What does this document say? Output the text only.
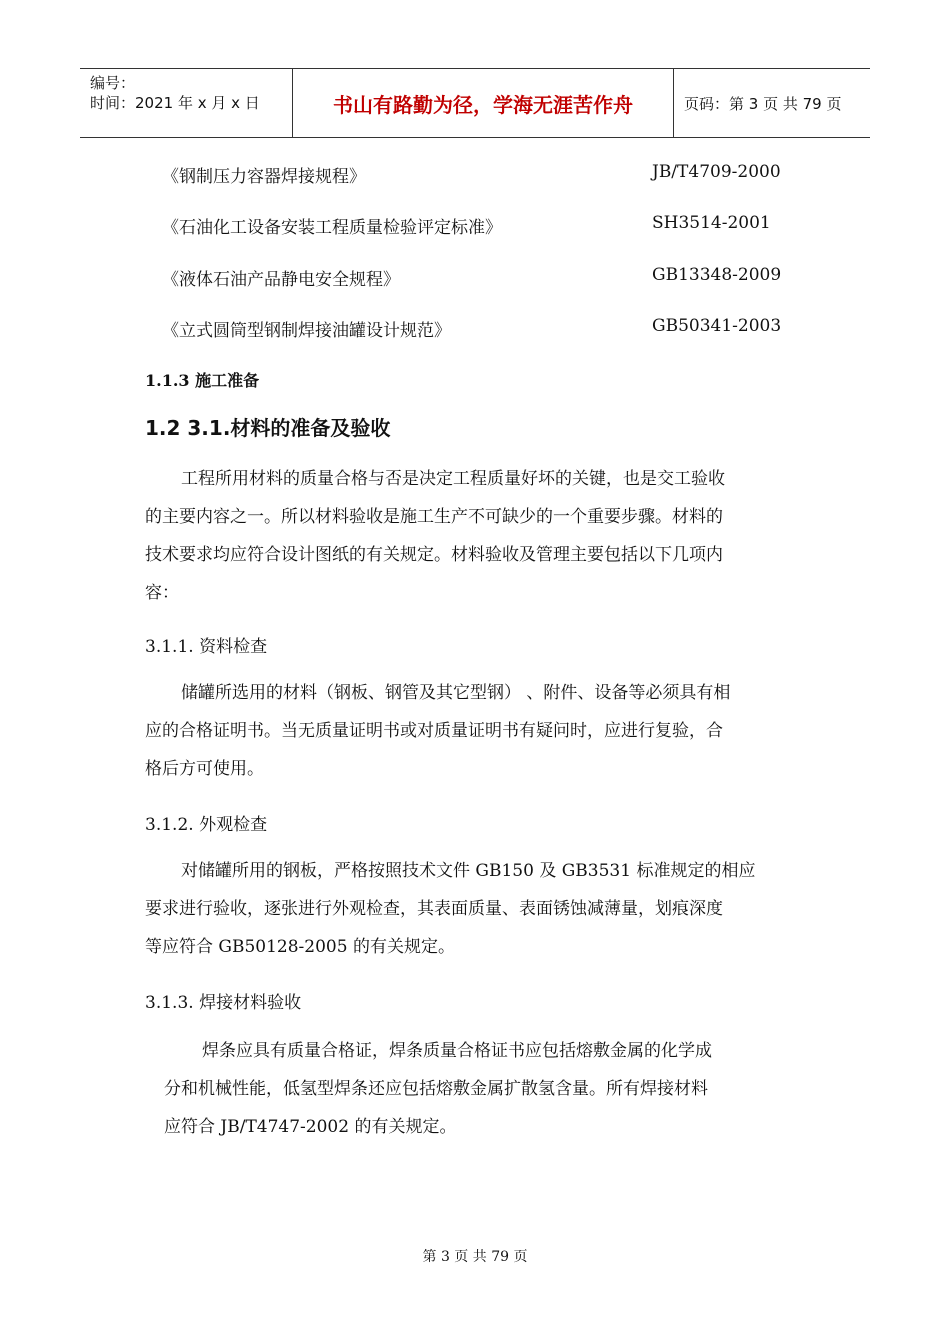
编号：
时间：2021 年 x 月 x 日	书山有路勤为径，学海无涯苦作舟	页码：第 3 页 共 79 页
《钢制压力容器焊接规程》	JB/T4709-2000
《石油化工设备安装工程质量检验评定标准》	SH3514-2001
《液体石油产品静电安全规程》	GB13348-2009
《立式圆筒型钢制焊接油罐设计规范》	GB50341-2003
1.1.3 施工准备
1.2 3.1.材料的准备及验收
工程所用材料的质量合格与否是决定工程质量好坏的关键，也是交工验收
的主要内容之一。所以材料验收是施工生产不可缺少的一个重要步骤。材料的
技术要求均应符合设计图纸的有关规定。材料验收及管理主要包括以下几项内
容：
3.1.1. 资料检查
储罐所选用的材料（钢板、钢管及其它型钢） 、附件、设备等必须具有相
应的合格证明书。当无质量证明书或对质量证明书有疑问时，应进行复验，合
格后方可使用。
3.1.2. 外观检查
对储罐所用的钢板，严格按照技术文件 GB150 及 GB3531 标准规定的相应
要求进行验收，逐张进行外观检查，其表面质量、表面锈蚀减薄量，划痕深度
等应符合 GB50128-2005 的有关规定。
3.1.3. 焊接材料验收
焊条应具有质量合格证，焊条质量合格证书应包括熔敷金属的化学成
分和机械性能，低氢型焊条还应包括熔敷金属扩散氢含量。所有焊接材料
应符合 JB/T4747-2002 的有关规定。
第 3 页 共 79 页
